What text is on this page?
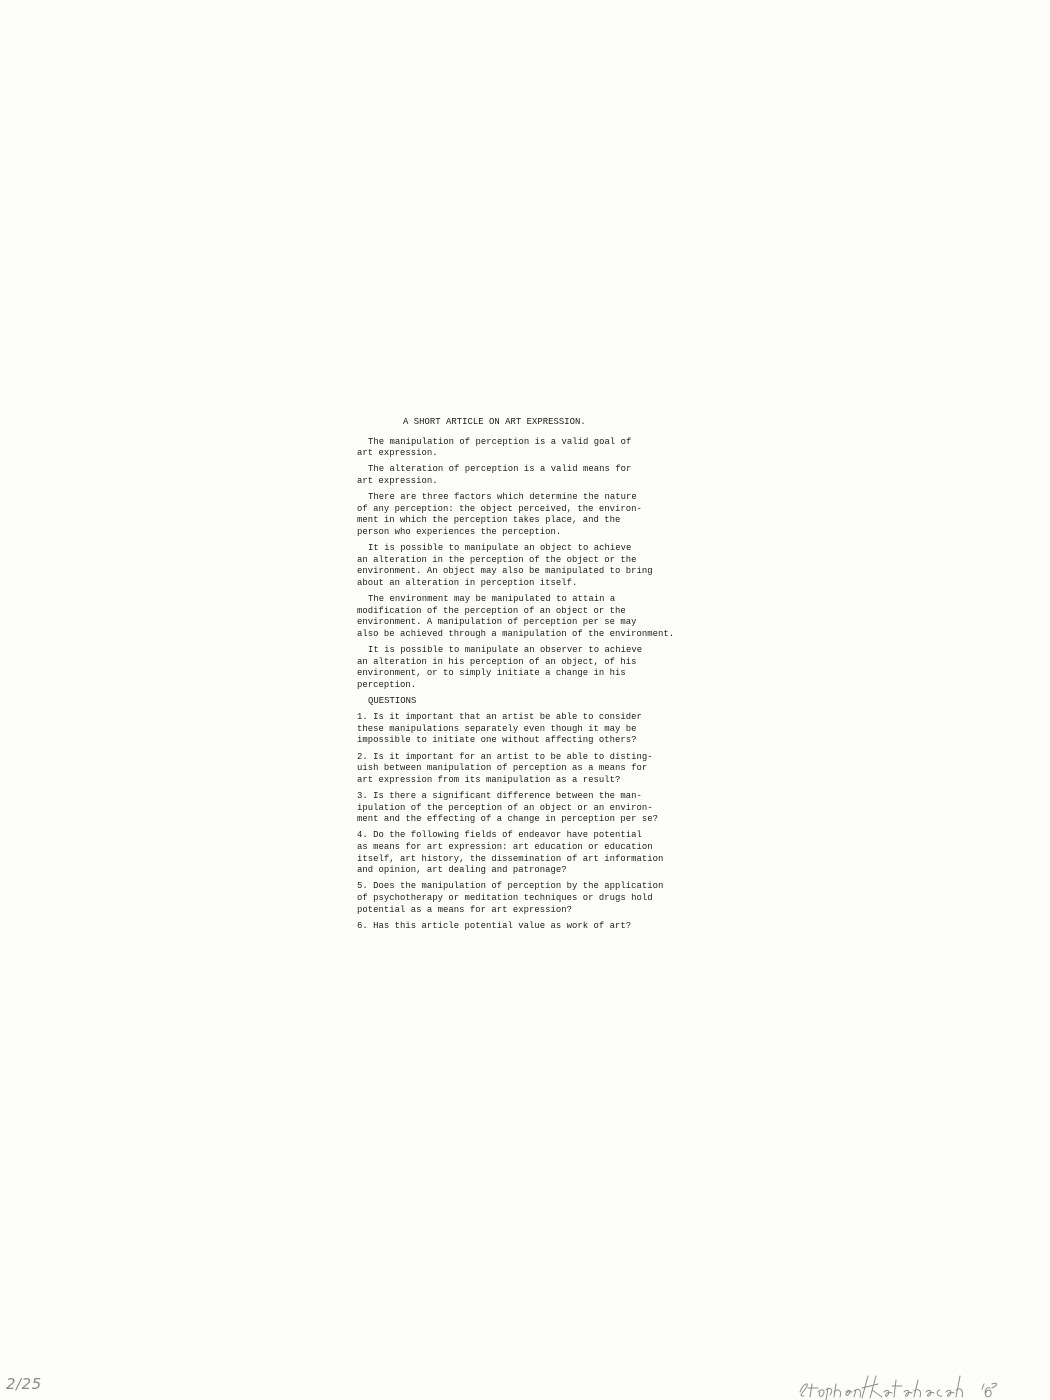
A SHORT ARTICLE ON ART EXPRESSION.
The manipulation of perception is a valid goal of
art expression.
The alteration of perception is a valid means for
art expression.
There are three factors which determine the nature
of any perception: the object perceived, the environ-
ment in which the perception takes place, and the
person who experiences the perception.
It is possible to manipulate an object to achieve
an alteration in the perception of the object or the
environment. An object may also be manipulated to bring
about an alteration in perception itself.
The environment may be manipulated to attain a
modification of the perception of an object or the
environment. A manipulation of perception per se may
also be achieved through a manipulation of the environment.
It is possible to manipulate an observer to achieve
an alteration in his perception of an object, of his
environment, or to simply initiate a change in his
perception.
QUESTIONS
1. Is it important that an artist be able to consider
these manipulations separately even though it may be
impossible to initiate one without affecting others?
2. Is it important for an artist to be able to disting-
uish between manipulation of perception as a means for
art expression from its manipulation as a result?
3. Is there a significant difference between the man-
ipulation of the perception of an object or an environ-
ment and the effecting of a change in perception per se?
4. Do the following fields of endeavor have potential
as means for art expression: art education or education
itself, art history, the dissemination of art information
and opinion, art dealing and patronage?
5. Does the manipulation of perception by the application
of psychotherapy or meditation techniques or drugs hold
potential as a means for art expression?
6. Has this article potential value as work of art?
2/25
